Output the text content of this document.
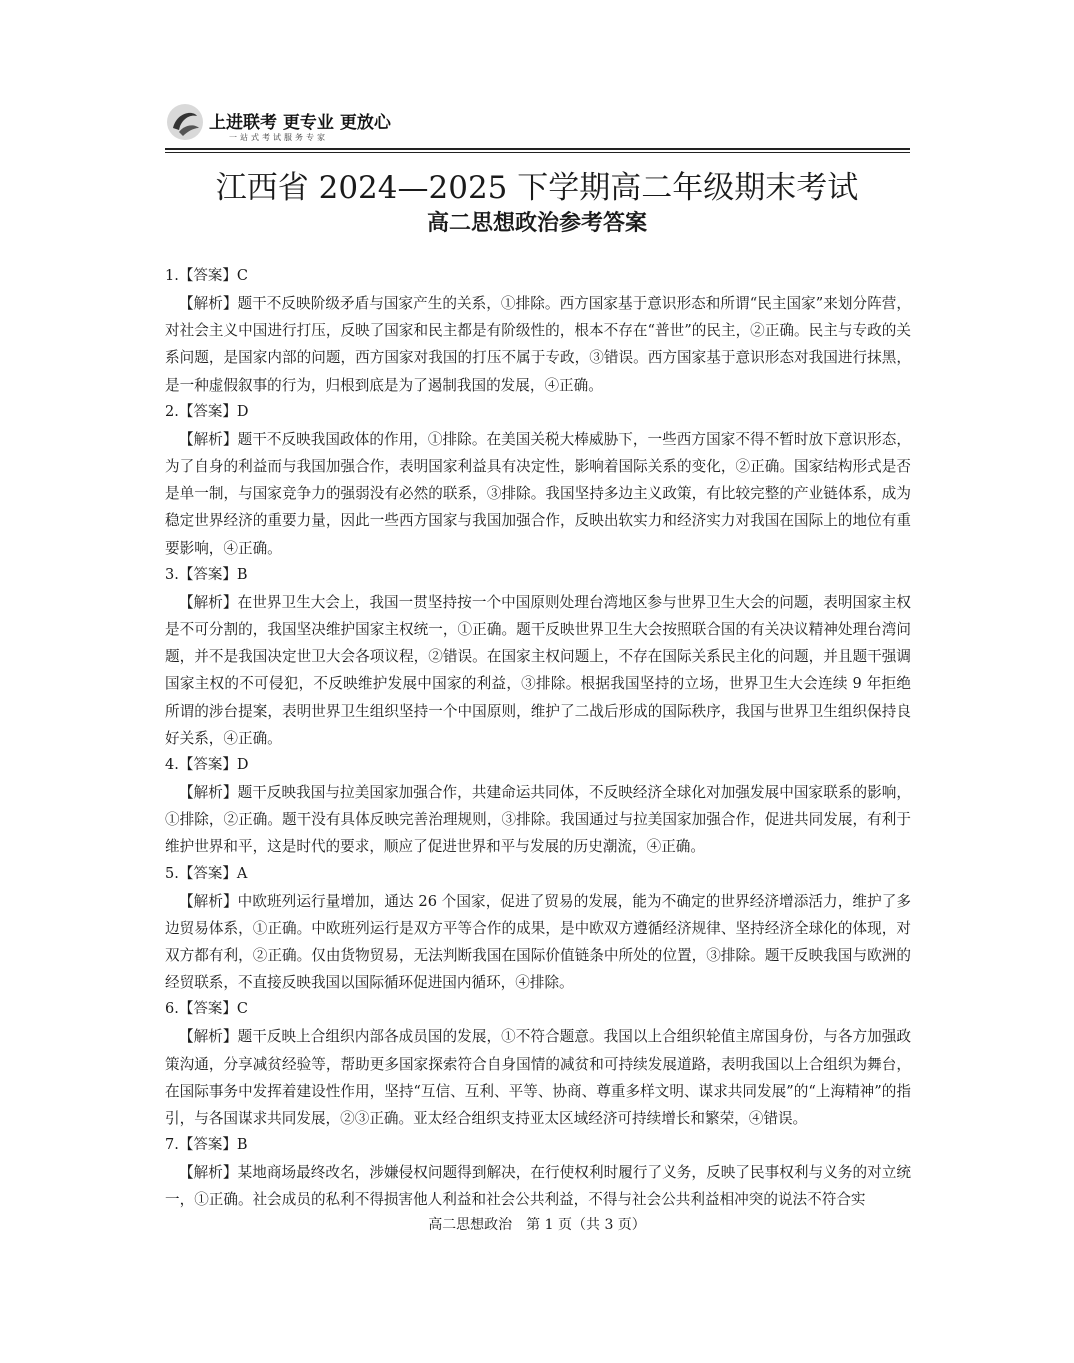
上进联考 更专业 更放心
一站式考试服务专家
江西省 2024—2025 下学期高二年级期末考试
高二思想政治参考答案
1.【答案】C

【解析】题干不反映阶级矛盾与国家产生的关系，①排除。西方国家基于意识形态和所谓“民主国家”来划分阵营，对社会主义中国进行打压，反映了国家和民主都是有阶级性的，根本不存在“普世”的民主，②正确。民主与专政的关系问题，是国家内部的问题，西方国家对我国的打压不属于专政，③错误。西方国家基于意识形态对我国进行抹黑，是一种虚假叙事的行为，归根到底是为了遏制我国的发展，④正确。

2.【答案】D

【解析】题干不反映我国政体的作用，①排除。在美国关税大棒威胁下，一些西方国家不得不暂时放下意识形态，为了自身的利益而与我国加强合作，表明国家利益具有决定性，影响着国际关系的变化，②正确。国家结构形式是否是单一制，与国家竞争力的强弱没有必然的联系，③排除。我国坚持多边主义政策，有比较完整的产业链体系，成为稳定世界经济的重要力量，因此一些西方国家与我国加强合作，反映出软实力和经济实力对我国在国际上的地位有重要影响，④正确。

3.【答案】B

【解析】在世界卫生大会上，我国一贯坚持按一个中国原则处理台湾地区参与世界卫生大会的问题，表明国家主权是不可分割的，我国坚决维护国家主权统一，①正确。题干反映世界卫生大会按照联合国的有关决议精神处理台湾问题，并不是我国决定世卫大会各项议程，②错误。在国家主权问题上，不存在国际关系民主化的问题，并且题干强调国家主权的不可侵犯，不反映维护发展中国家的利益，③排除。根据我国坚持的立场，世界卫生大会连续 9 年拒绝所谓的涉台提案，表明世界卫生组织坚持一个中国原则，维护了二战后形成的国际秩序，我国与世界卫生组织保持良好关系，④正确。

4.【答案】D

【解析】题干反映我国与拉美国家加强合作，共建命运共同体，不反映经济全球化对加强发展中国家联系的影响，①排除，②正确。题干没有具体反映完善治理规则，③排除。我国通过与拉美国家加强合作，促进共同发展，有利于维护世界和平，这是时代的要求，顺应了促进世界和平与发展的历史潮流，④正确。

5.【答案】A

【解析】中欧班列运行量增加，通达 26 个国家，促进了贸易的发展，能为不确定的世界经济增添活力，维护了多边贸易体系，①正确。中欧班列运行是双方平等合作的成果，是中欧双方遵循经济规律、坚持经济全球化的体现，对双方都有利，②正确。仅由货物贸易，无法判断我国在国际价值链条中所处的位置，③排除。题干反映我国与欧洲的经贸联系，不直接反映我国以国际循环促进国内循环，④排除。

6.【答案】C

【解析】题干反映上合组织内部各成员国的发展，①不符合题意。我国以上合组织轮值主席国身份，与各方加强政策沟通，分享减贫经验等，帮助更多国家探索符合自身国情的减贫和可持续发展道路，表明我国以上合组织为舞台，在国际事务中发挥着建设性作用，坚持“互信、互利、平等、协商、尊重多样文明、谋求共同发展”的“上海精神”的指引，与各国谋求共同发展，②③正确。亚太经合组织支持亚太区域经济可持续增长和繁荣，④错误。

7.【答案】B

【解析】某地商场最终改名，涉嫌侵权问题得到解决，在行使权利时履行了义务，反映了民事权利与义务的对立统一，①正确。社会成员的私利不得损害他人利益和社会公共利益，不得与社会公共利益相冲突的说法不符合实

高二思想政治　第 1 页（共 3 页）
